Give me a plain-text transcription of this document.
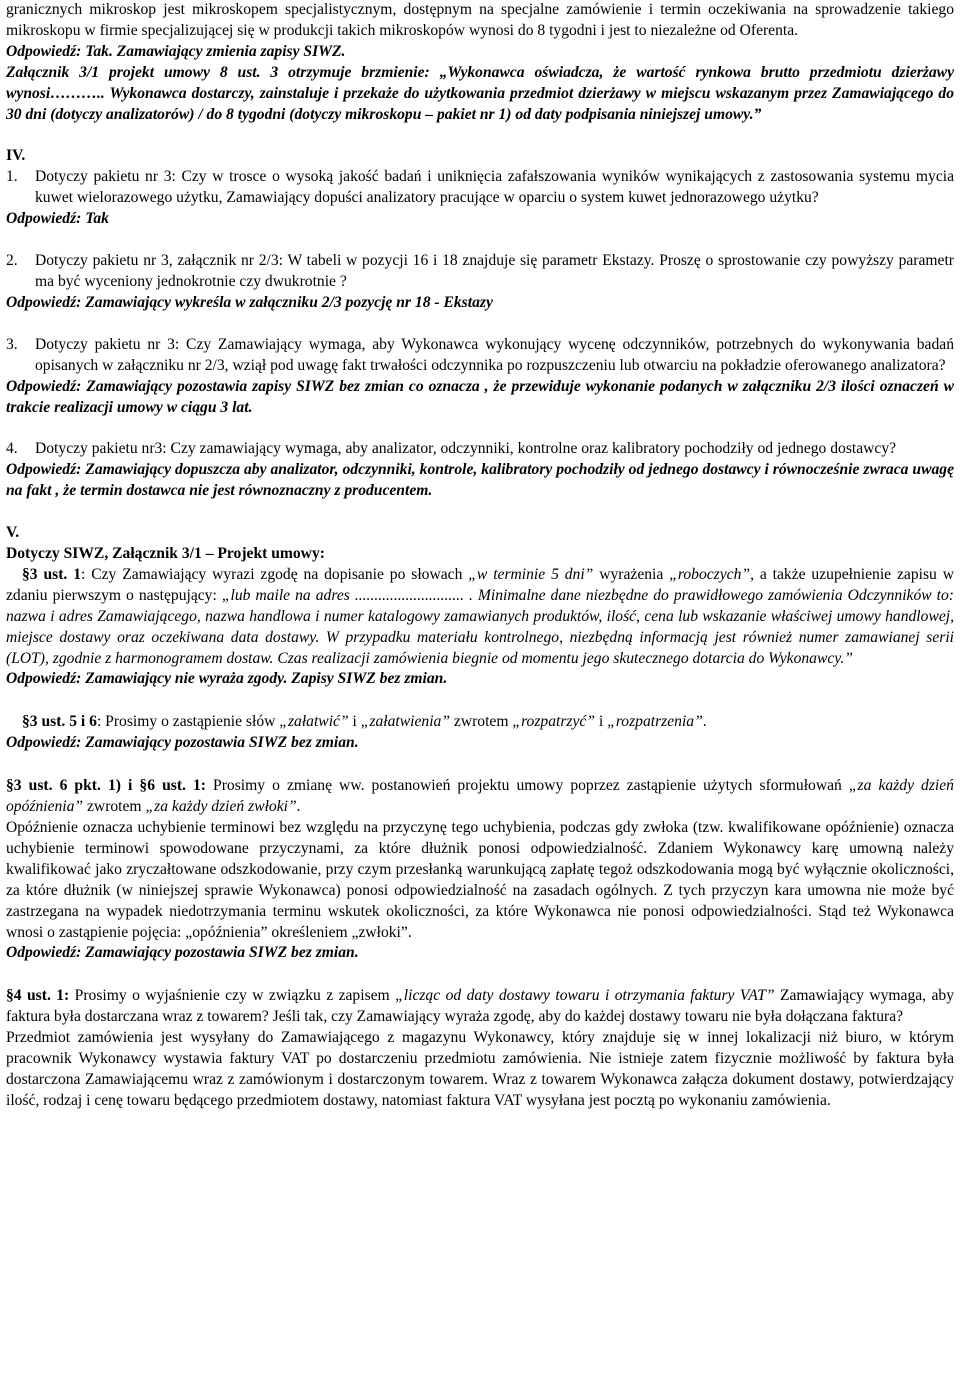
granicznych mikroskop jest mikroskopem specjalistycznym, dostępnym na specjalne zamówienie i termin oczekiwania na sprowadzenie takiego mikroskopu w firmie specjalizującej się w produkcji takich mikroskopów wynosi do 8 tygodni i jest to niezależne od Oferenta.

Odpowiedź: Tak. Zamawiający zmienia zapisy SIWZ.

Załącznik 3/1 projekt umowy 8 ust. 3 otrzymuje brzmienie: „Wykonawca oświadcza, że wartość rynkowa brutto przedmiotu dzierżawy wynosi……….. Wykonawca dostarczy, zainstaluje i przekaże do użytkowania przedmiot dzierżawy w miejscu wskazanym przez Zamawiającego do 30 dni (dotyczy analizatorów) / do 8 tygodni (dotyczy mikroskopu – pakiet nr 1) od daty podpisania niniejszej umowy.”

IV.

1.	Dotyczy pakietu nr 3: Czy w trosce o wysoką jakość badań i uniknięcia zafałszowania wyników wynikających z zastosowania systemu mycia kuwet wielorazowego użytku, Zamawiający dopuści analizatory pracujące w oparciu o system kuwet jednorazowego użytku?

Odpowiedź: Tak

2.	Dotyczy pakietu nr 3, załącznik nr 2/3: W tabeli w pozycji 16 i 18 znajduje się parametr Ekstazy. Proszę o sprostowanie czy powyższy parametr ma być wyceniony jednokrotnie czy dwukrotnie ?

Odpowiedź: Zamawiający wykreśla w załączniku 2/3 pozycję nr 18 - Ekstazy

3.	Dotyczy pakietu nr 3: Czy Zamawiający wymaga, aby Wykonawca wykonujący wycenę odczynników, potrzebnych do wykonywania badań opisanych w załączniku nr 2/3, wziął pod uwagę fakt trwałości odczynnika po rozpuszczeniu lub otwarciu na pokładzie oferowanego analizatora?

Odpowiedź: Zamawiający pozostawia zapisy SIWZ bez zmian co oznacza , że przewiduje wykonanie podanych w załączniku 2/3 ilości oznaczeń w trakcie realizacji umowy w ciągu 3 lat.

4.	Dotyczy pakietu nr3: Czy zamawiający wymaga, aby analizator, odczynniki, kontrolne oraz kalibratory pochodziły od jednego dostawcy?

Odpowiedź: Zamawiający dopuszcza aby analizator, odczynniki, kontrole, kalibratory pochodziły od jednego dostawcy i równocześnie zwraca uwagę na fakt , że termin dostawca nie jest równoznaczny z producentem.

V.

Dotyczy SIWZ, Załącznik 3/1 – Projekt umowy:

§3 ust. 1: Czy Zamawiający wyrazi zgodę na dopisanie po słowach „w terminie 5 dni” wyrażenia „roboczych”, a także uzupełnienie zapisu w zdaniu pierwszym o następujący: „lub maile na adres ............................ . Minimalne dane niezbędne do prawidłowego zamówienia Odczynników to: nazwa i adres Zamawiającego, nazwa handlowa i numer katalogowy zamawianych produktów, ilość, cena lub wskazanie właściwej umowy handlowej, miejsce dostawy oraz oczekiwana data dostawy. W przypadku materiału kontrolnego, niezbędną informacją jest również numer zamawianej serii (LOT), zgodnie z harmonogramem dostaw. Czas realizacji zamówienia biegnie od momentu jego skutecznego dotarcia do Wykonawcy.”

Odpowiedź: Zamawiający nie wyraża zgody. Zapisy SIWZ bez zmian.

§3 ust. 5 i 6: Prosimy o zastąpienie słów „załatwić” i „załatwienia” zwrotem „rozpatrzyć” i „rozpatrzenia”.

Odpowiedź: Zamawiający pozostawia SIWZ bez zmian.

§3 ust. 6 pkt. 1) i §6 ust. 1: Prosimy o zmianę ww. postanowień projektu umowy poprzez zastąpienie użytych sformułowań „za każdy dzień opóźnienia” zwrotem „za każdy dzień zwłoki”.

Opóźnienie oznacza uchybienie terminowi bez względu na przyczynę tego uchybienia, podczas gdy zwłoka (tzw. kwalifikowane opóźnienie) oznacza uchybienie terminowi spowodowane przyczynami, za które dłużnik ponosi odpowiedzialność. Zdaniem Wykonawcy karę umowną należy kwalifikować jako zryczałtowane odszkodowanie, przy czym przesłanką warunkującą zapłatę tegoż odszkodowania mogą być wyłącznie okoliczności, za które dłużnik (w niniejszej sprawie Wykonawca) ponosi odpowiedzialność na zasadach ogólnych. Z tych przyczyn kara umowna nie może być zastrzegana na wypadek niedotrzymania terminu wskutek okoliczności, za które Wykonawca nie ponosi odpowiedzialności. Stąd też Wykonawca wnosi o zastąpienie pojęcia: „opóźnienia” określeniem „zwłoki”.

Odpowiedź: Zamawiający pozostawia SIWZ bez zmian.

§4 ust. 1: Prosimy o wyjaśnienie czy w związku z zapisem „licząc od daty dostawy towaru i otrzymania faktury VAT” Zamawiający wymaga, aby faktura była dostarczana wraz z towarem? Jeśli tak, czy Zamawiający wyraża zgodę, aby do każdej dostawy towaru nie była dołączana faktura?

Przedmiot zamówienia jest wysyłany do Zamawiającego z magazynu Wykonawcy, który znajduje się w innej lokalizacji niż biuro, w którym pracownik Wykonawcy wystawia faktury VAT po dostarczeniu przedmiotu zamówienia. Nie istnieje zatem fizycznie możliwość by faktura była dostarczona Zamawiającemu wraz z zamówionym i dostarczonym towarem. Wraz z towarem Wykonawca załącza dokument dostawy, potwierdzający ilość, rodzaj i cenę towaru będącego przedmiotem dostawy, natomiast faktura VAT wysyłana jest pocztą po wykonaniu zamówienia.
